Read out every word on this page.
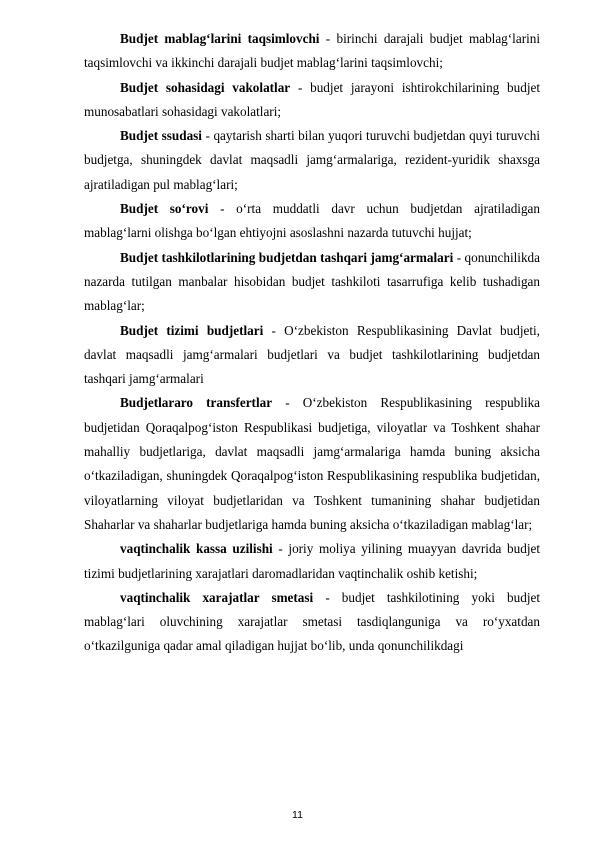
Budjet mablag‘larini taqsimlovchi - birinchi darajali budjet mablag‘larini taqsimlovchi va ikkinchi darajali budjet mablag‘larini taqsimlovchi;

Budjet sohasidagi vakolatlar - budjet jarayoni ishtirokchilarining budjet munosabatlari sohasidagi vakolatlari;

Budjet ssudasi - qaytarish sharti bilan yuqori turuvchi budjetdan quyi turuvchi budjetga, shuningdek davlat maqsadli jamg‘armalariga, rezident-yuridik shaxsga ajratiladigan pul mablag‘lari;

Budjet so‘rovi - o‘rta muddatli davr uchun budjetdan ajratiladigan mablag‘larni olishga bo‘lgan ehtiyojni asoslashni nazarda tutuvchi hujjat;

Budjet tashkilotlarining budjetdan tashqari jamg‘armalari - qonunchilikda nazarda tutilgan manbalar hisobidan budjet tashkiloti tasarrufiga kelib tushadigan mablag‘lar;

Budjet tizimi budjetlari - O‘zbekiston Respublikasining Davlat budjeti, davlat maqsadli jamg‘armalari budjetlari va budjet tashkilotlarining budjetdan tashqari jamg‘armalari

Budjetlararo transfertlar - O‘zbekiston Respublikasining respublika budjetidan Qoraqalpog‘iston Respublikasi budjetiga, viloyatlar va Toshkent shahar mahalliy budjetlariga, davlat maqsadli jamg‘armalariga hamda buning aksicha o‘tkaziladigan, shuningdek Qoraqalpog‘iston Respublikasining respublika budjetidan, viloyatlarning viloyat budjetlaridan va Toshkent tumanining shahar budjetidan Shaharlar va shaharlar budjetlariga hamda buning aksicha o‘tkaziladigan mablag‘lar;

vaqtinchalik kassa uzilishi - joriy moliya yilining muayyan davrida budjet tizimi budjetlarining xarajatlari daromadlaridan vaqtinchalik oshib ketishi;

vaqtinchalik xarajatlar smetasi - budjet tashkilotining yoki budjet mablag‘lari oluvchining xarajatlar smetasi tasdiqlanguniga va ro‘yxatdan o‘tkazilguniga qadar amal qiladigan hujjat bo‘lib, unda qonunchilikdagi

11
